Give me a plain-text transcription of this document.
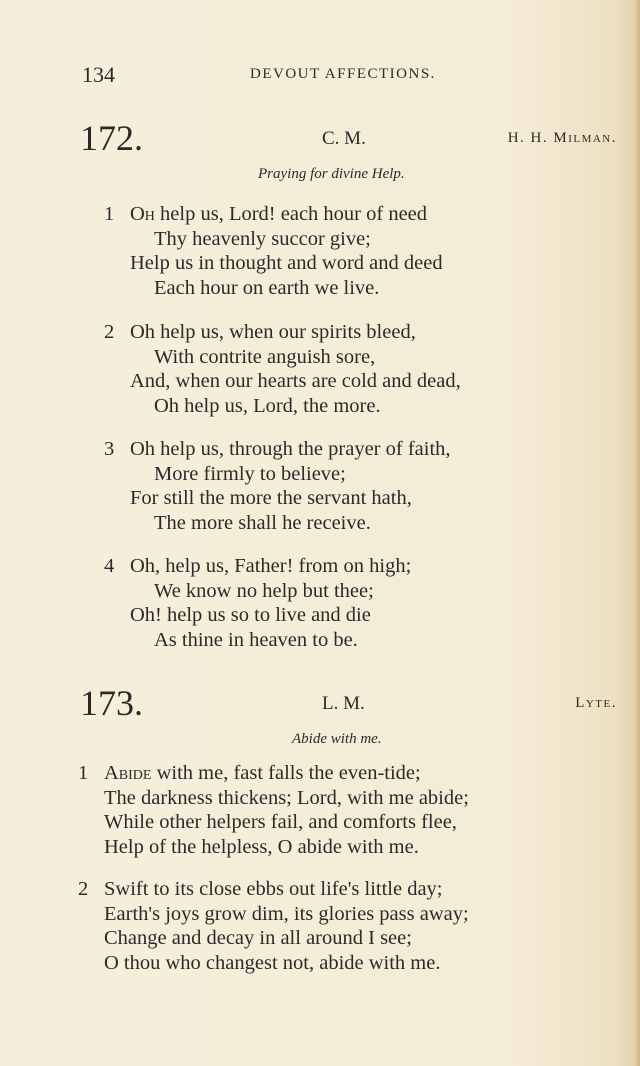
134	DEVOUT AFFECTIONS.
172.	C. M.	H. H. Milman.
Praying for divine Help.
1 Oh help us, Lord! each hour of need
Thy heavenly succor give;
Help us in thought and word and deed
Each hour on earth we live.
2 Oh help us, when our spirits bleed,
With contrite anguish sore,
And, when our hearts are cold and dead,
Oh help us, Lord, the more.
3 Oh help us, through the prayer of faith,
More firmly to believe;
For still the more the servant hath,
The more shall he receive.
4 Oh, help us, Father! from on high;
We know no help but thee;
Oh! help us so to live and die
As thine in heaven to be.
173.	L. M.	Lyte.
Abide with me.
1 Abide with me, fast falls the even-tide;
The darkness thickens; Lord, with me abide;
While other helpers fail, and comforts flee,
Help of the helpless, O abide with me.
2 Swift to its close ebbs out life's little day;
Earth's joys grow dim, its glories pass away;
Change and decay in all around I see;
O thou who changest not, abide with me.
